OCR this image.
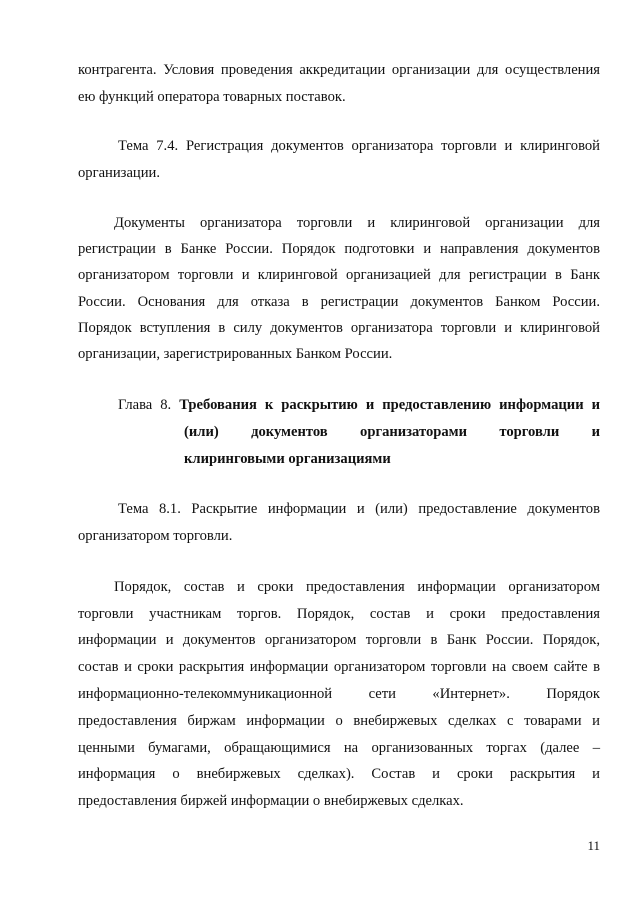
контрагента. Условия проведения аккредитации организации для осуществления
ею функций оператора товарных поставок.
Тема 7.4. Регистрация документов организатора торговли и клиринговой
организации.
Документы организатора торговли и клиринговой организации для
регистрации в Банке России. Порядок подготовки и направления документов
организатором торговли и клиринговой организацией для регистрации в Банк
России. Основания для отказа в регистрации документов Банком России.
Порядок вступления в силу документов организатора торговли и клиринговой
организации, зарегистрированных Банком России.
Глава 8. Требования к раскрытию и предоставлению информации и
(или) документов организаторами торговли и
клиринговыми организациями
Тема 8.1. Раскрытие информации и (или) предоставление документов
организатором торговли.
Порядок, состав и сроки предоставления информации организатором
торговли участникам торгов. Порядок, состав и сроки предоставления
информации и документов организатором торговли в Банк России. Порядок,
состав и сроки раскрытия информации организатором торговли на своем сайте в
информационно-телекоммуникационной сети «Интернет». Порядок
предоставления биржам информации о внебиржевых сделках с товарами и
ценными бумагами, обращающимися на организованных торгах (далее –
информация о внебиржевых сделках). Состав и сроки раскрытия и
предоставления биржей информации о внебиржевых сделках.
11
